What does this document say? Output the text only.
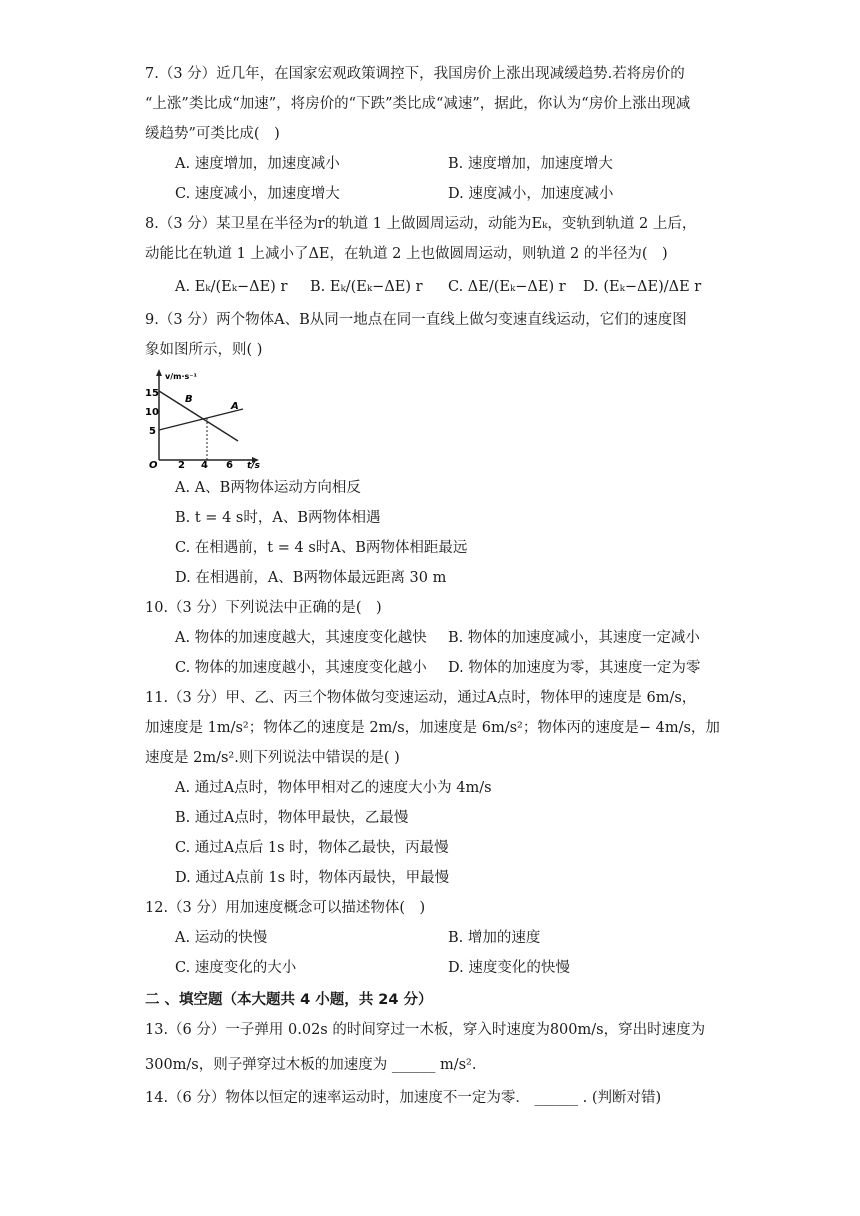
7.（3 分）近几年，在国家宏观政策调控下，我国房价上涨出现减缓趋势.若将房价的
“上涨”类比成“加速”，将房价的“下跌”类比成“减速”，据此，你认为“房价上涨出现减
缓趋势”可类比成(　)
A. 速度增加，加速度减小	B. 速度增加，加速度增大
C. 速度减小，加速度增大	D. 速度减小，加速度减小
8.（3 分）某卫星在半径为r的轨道 1 上做圆周运动，动能为Eₖ，变轨到轨道 2 上后，
动能比在轨道 1 上减小了ΔE，在轨道 2 上也做圆周运动，则轨道 2 的半径为(　)
A. Eₖ/(Eₖ−ΔE) r B. Eₖ/(Eₖ−ΔE) r C. ΔE/(Eₖ−ΔE) r D. (Eₖ−ΔE)/ΔE r
9.（3 分）两个物体A、B从同一地点在同一直线上做匀变速直线运动，它们的速度图
象如图所示，则( )
v/m·s⁻¹
t/s
O
15
10
5
2 4 6
B
A
A. A、B两物体运动方向相反
B. t = 4 s时，A、B两物体相遇
C. 在相遇前，t = 4 s时A、B两物体相距最远
D. 在相遇前，A、B两物体最远距离 30 m
10.（3 分）下列说法中正确的是(　)
A. 物体的加速度越大，其速度变化越快 B. 物体的加速度减小，其速度一定减小
C. 物体的加速度越小，其速度变化越小 D. 物体的加速度为零，其速度一定为零
11.（3 分）甲、乙、丙三个物体做匀变速运动，通过A点时，物体甲的速度是 6m/s，
加速度是 1m/s²；物体乙的速度是 2m/s，加速度是 6m/s²；物体丙的速度是− 4m/s，加
速度是 2m/s².则下列说法中错误的是( )
A. 通过A点时，物体甲相对乙的速度大小为 4m/s
B. 通过A点时，物体甲最快，乙最慢
C. 通过A点后 1s 时，物体乙最快，丙最慢
D. 通过A点前 1s 时，物体丙最快，甲最慢
12.（3 分）用加速度概念可以描述物体(　)
A. 运动的快慢	B. 增加的速度
C. 速度变化的大小	D. 速度变化的快慢
二 、填空题（本大题共 4 小题，共 24 分）
13.（6 分）一子弹用 0.02s 的时间穿过一木板，穿入时速度为800m/s，穿出时速度为
300m/s，则子弹穿过木板的加速度为 ______ m/s².
14.（6 分）物体以恒定的速率运动时，加速度不一定为零． ______ . (判断对错)
